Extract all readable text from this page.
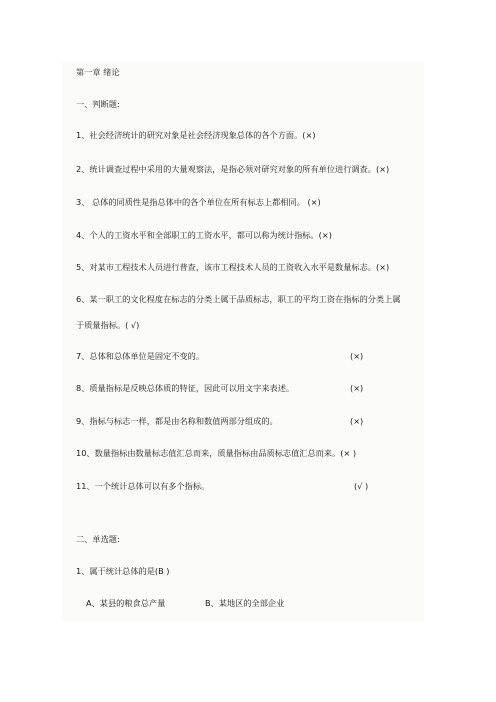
第一章 绪论
一、判断题:
1、社会经济统计的研究对象是社会经济现象总体的各个方面。(×)
2、统计调查过程中采用的大量观察法，是指必须对研究对象的所有单位进行调查。(×)
3、 总体的同质性是指总体中的各个单位在所有标志上都相同。 (×)
4、个人的工资水平和全部职工的工资水平，都可以称为统计指标。(×)
5、对某市工程技术人员进行普查，该市工程技术人员的工资收入水平是数量标志。(×)
6、某一职工的文化程度在标志的分类上属于品质标志，职工的平均工资在指标的分类上属
于质量指标。( √)
7、总体和总体单位是固定不变的。	(×)
8、质量指标是反映总体质的特征，因此可以用文字来表述。	(×)
9、指标与标志一样，都是由名称和数值两部分组成的。	(×)
10、数量指标由数量标志值汇总而来，质量指标由品质标志值汇总而来。(× )
11、一个统计总体可以有多个指标。	(√ )
二、单选题:
1、属于统计总体的是(B )
A、某县的粮食总产量	B、某地区的全部企业
